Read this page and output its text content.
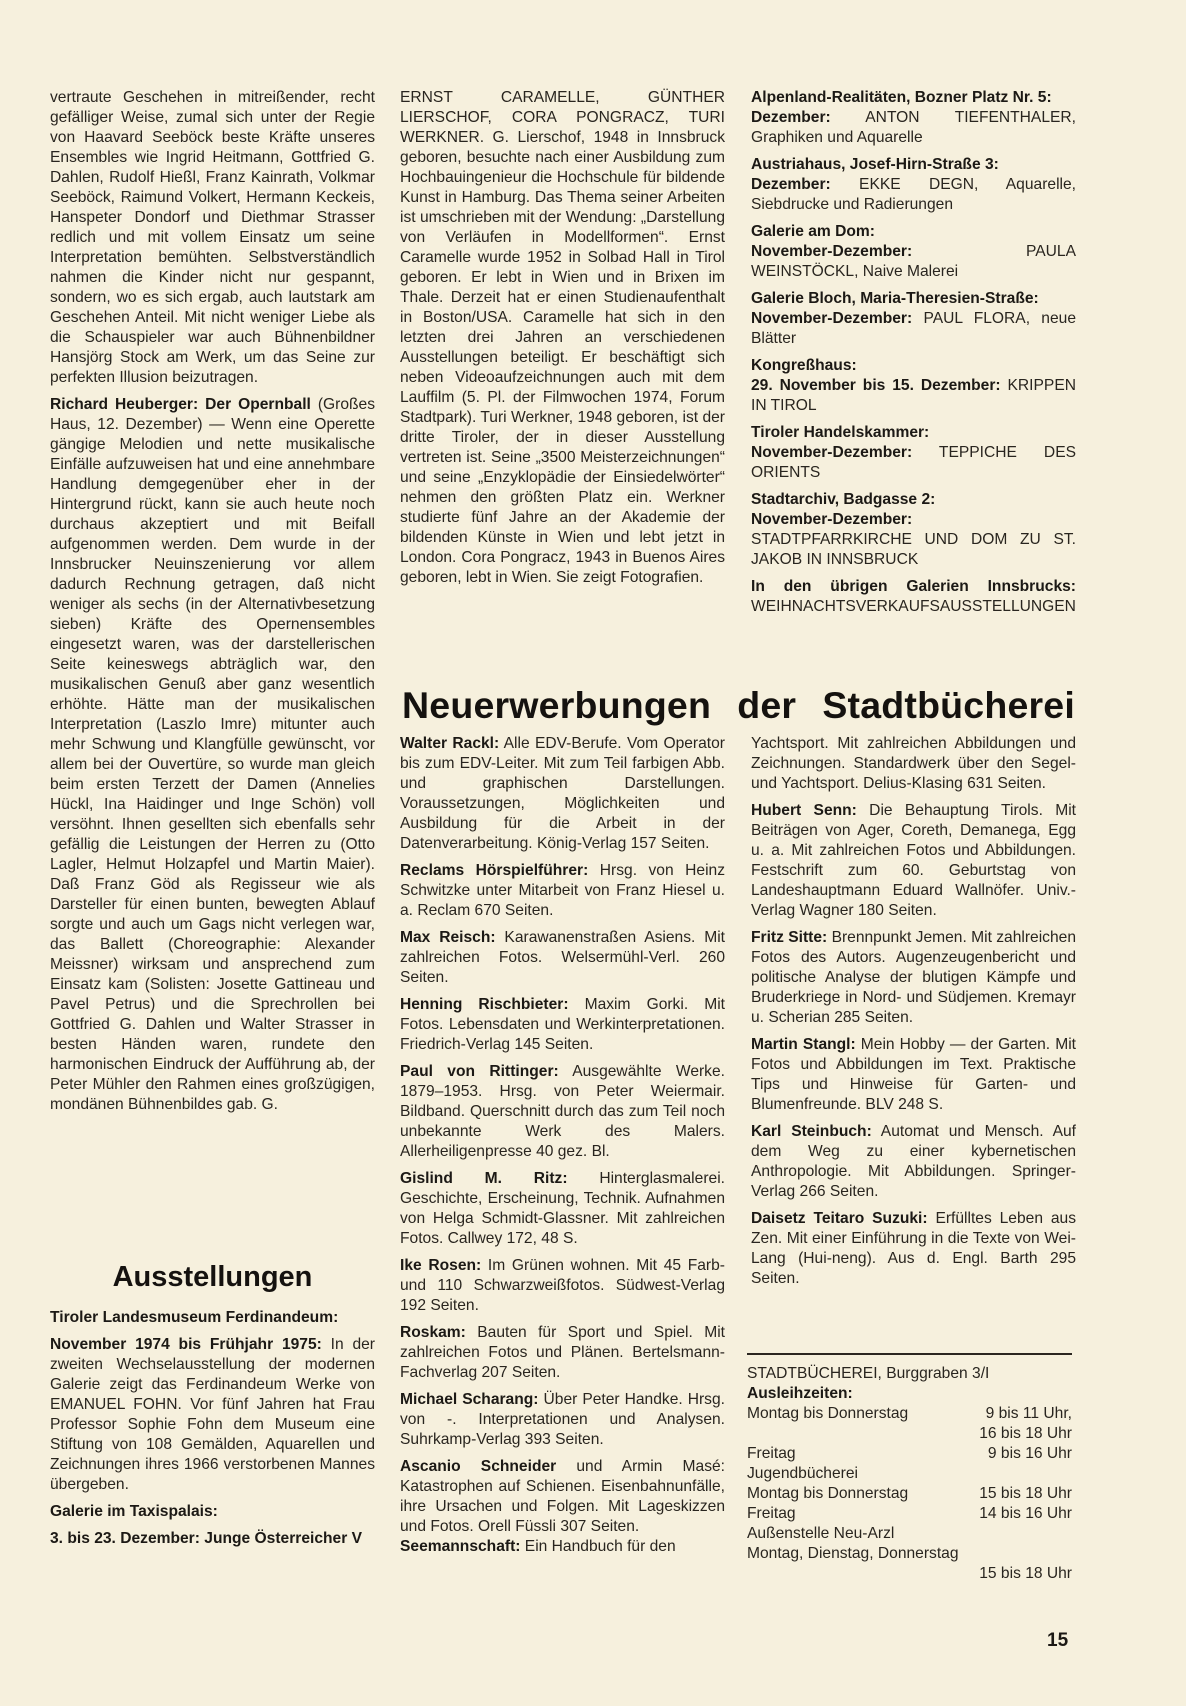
vertraute Geschehen in mitreißender, recht gefälliger Weise, zumal sich unter der Regie von Haavard Seeböck beste Kräfte unseres Ensembles wie Ingrid Heitmann, Gottfried G. Dahlen, Rudolf Hießl, Franz Kainrath, Volkmar Seeböck, Raimund Volkert, Hermann Keckeis, Hanspeter Dondorf und Diethmar Strasser redlich und mit vollem Einsatz um seine Interpretation bemühten. Selbstverständlich nahmen die Kinder nicht nur gespannt, sondern, wo es sich ergab, auch lautstark am Geschehen Anteil. Mit nicht weniger Liebe als die Schauspieler war auch Bühnenbildner Hansjörg Stock am Werk, um das Seine zur perfekten Illusion beizutragen.

Richard Heuberger: Der Opernball (Großes Haus, 12. Dezember) — Wenn eine Operette gängige Melodien und nette musikalische Einfälle aufzuweisen hat und eine annehmbare Handlung demgegenüber eher in der Hintergrund rückt, kann sie auch heute noch durchaus akzeptiert und mit Beifall aufgenommen werden. Dem wurde in der Innsbrucker Neuinszenierung vor allem dadurch Rechnung getragen, daß nicht weniger als sechs (in der Alternativbesetzung sieben) Kräfte des Opernensembles eingesetzt waren, was der darstellerischen Seite keineswegs abträglich war, den musikalischen Genuß aber ganz wesentlich erhöhte. Hätte man der musikalischen Interpretation (Laszlo Imre) mitunter auch mehr Schwung und Klangfülle gewünscht, vor allem bei der Ouvertüre, so wurde man gleich beim ersten Terzett der Damen (Annelies Hückl, Ina Haidinger und Inge Schön) voll versöhnt. Ihnen gesellten sich ebenfalls sehr gefällig die Leistungen der Herren zu (Otto Lagler, Helmut Holzapfel und Martin Maier). Daß Franz Göd als Regisseur wie als Darsteller für einen bunten, bewegten Ablauf sorgte und auch um Gags nicht verlegen war, das Ballett (Choreographie: Alexander Meissner) wirksam und ansprechend zum Einsatz kam (Solisten: Josette Gattineau und Pavel Petrus) und die Sprechrollen bei Gottfried G. Dahlen und Walter Strasser in besten Händen waren, rundete den harmonischen Eindruck der Aufführung ab, der Peter Mühler den Rahmen eines großzügigen, mondänen Bühnenbildes gab. G.

Ausstellungen

Tiroler Landesmuseum Ferdinandeum:

November 1974 bis Frühjahr 1975: In der zweiten Wechselausstellung der modernen Galerie zeigt das Ferdinandeum Werke von EMANUEL FOHN. Vor fünf Jahren hat Frau Professor Sophie Fohn dem Museum eine Stiftung von 108 Gemälden, Aquarellen und Zeichnungen ihres 1966 verstorbenen Mannes übergeben.

Galerie im Taxispalais:

3. bis 23. Dezember: Junge Österreicher V

ERNST CARAMELLE, GÜNTHER LIERSCHOF, CORA PONGRACZ, TURI WERKNER. G. Lierschof, 1948 in Innsbruck geboren, besuchte nach einer Ausbildung zum Hochbauingenieur die Hochschule für bildende Kunst in Hamburg. Das Thema seiner Arbeiten ist umschrieben mit der Wendung: „Darstellung von Verläufen in Modellformen“. Ernst Caramelle wurde 1952 in Solbad Hall in Tirol geboren. Er lebt in Wien und in Brixen im Thale. Derzeit hat er einen Studienaufenthalt in Boston/USA. Caramelle hat sich in den letzten drei Jahren an verschiedenen Ausstellungen beteiligt. Er beschäftigt sich neben Videoaufzeichnungen auch mit dem Lauffilm (5. Pl. der Filmwochen 1974, Forum Stadtpark). Turi Werkner, 1948 geboren, ist der dritte Tiroler, der in dieser Ausstellung vertreten ist. Seine „3500 Meisterzeichnungen“ und seine „Enzyklopädie der Einsiedelwörter“ nehmen den größten Platz ein. Werkner studierte fünf Jahre an der Akademie der bildenden Künste in Wien und lebt jetzt in London. Cora Pongracz, 1943 in Buenos Aires geboren, lebt in Wien. Sie zeigt Fotografien.

Alpenland-Realitäten, Bozner Platz Nr. 5:

Dezember: ANTON TIEFENTHALER, Graphiken und Aquarelle

Austriahaus, Josef-Hirn-Straße 3:

Dezember: EKKE DEGN, Aquarelle, Siebdrucke und Radierungen

Galerie am Dom:

November-Dezember: PAULA WEINSTÖCKL, Naive Malerei

Galerie Bloch, Maria-Theresien-Straße:

November-Dezember: PAUL FLORA, neue Blätter

Kongreßhaus:

29. November bis 15. Dezember: KRIPPEN IN TIROL

Tiroler Handelskammer:

November-Dezember: TEPPICHE DES ORIENTS

Stadtarchiv, Badgasse 2:

November-Dezember: STADTPFARRKIRCHE UND DOM ZU ST. JAKOB IN INNSBRUCK

In den übrigen Galerien Innsbrucks: WEIHNACHTSVERKAUFSAUSSTELLUNGEN

Neuerwerbungen der Stadtbücherei

Walter Rackl: Alle EDV-Berufe. Vom Operator bis zum EDV-Leiter. Mit zum Teil farbigen Abb. und graphischen Darstellungen. Voraussetzungen, Möglichkeiten und Ausbildung für die Arbeit in der Datenverarbeitung. König-Verlag 157 Seiten.

Reclams Hörspielführer: Hrsg. von Heinz Schwitzke unter Mitarbeit von Franz Hiesel u. a. Reclam 670 Seiten.

Max Reisch: Karawanenstraßen Asiens. Mit zahlreichen Fotos. Welsermühl-Verl. 260 Seiten.

Henning Rischbieter: Maxim Gorki. Mit Fotos. Lebensdaten und Werkinterpretationen. Friedrich-Verlag 145 Seiten.

Paul von Rittinger: Ausgewählte Werke. 1879–1953. Hrsg. von Peter Weiermair. Bildband. Querschnitt durch das zum Teil noch unbekannte Werk des Malers. Allerheiligenpresse 40 gez. Bl.

Gislind M. Ritz: Hinterglasmalerei. Geschichte, Erscheinung, Technik. Aufnahmen von Helga Schmidt-Glassner. Mit zahlreichen Fotos. Callwey 172, 48 S.

Ike Rosen: Im Grünen wohnen. Mit 45 Farb- und 110 Schwarzweißfotos. Südwest-Verlag 192 Seiten.

Roskam: Bauten für Sport und Spiel. Mit zahlreichen Fotos und Plänen. Bertelsmann-Fachverlag 207 Seiten.

Michael Scharang: Über Peter Handke. Hrsg. von -. Interpretationen und Analysen. Suhrkamp-Verlag 393 Seiten.

Ascanio Schneider und Armin Masé: Katastrophen auf Schienen. Eisenbahnunfälle, ihre Ursachen und Folgen. Mit Lageskizzen und Fotos. Orell Füssli 307 Seiten.

Seemannschaft: Ein Handbuch für den

Yachtsport. Mit zahlreichen Abbildungen und Zeichnungen. Standardwerk über den Segel- und Yachtsport. Delius-Klasing 631 Seiten.

Hubert Senn: Die Behauptung Tirols. Mit Beiträgen von Ager, Coreth, Demanega, Egg u. a. Mit zahlreichen Fotos und Abbildungen. Festschrift zum 60. Geburtstag von Landeshauptmann Eduard Wallnöfer. Univ.-Verlag Wagner 180 Seiten.

Fritz Sitte: Brennpunkt Jemen. Mit zahlreichen Fotos des Autors. Augenzeugenbericht und politische Analyse der blutigen Kämpfe und Bruderkriege in Nord- und Südjemen. Kremayr u. Scherian 285 Seiten.

Martin Stangl: Mein Hobby — der Garten. Mit Fotos und Abbildungen im Text. Praktische Tips und Hinweise für Garten- und Blumenfreunde. BLV 248 S.

Karl Steinbuch: Automat und Mensch. Auf dem Weg zu einer kybernetischen Anthropologie. Mit Abbildungen. Springer-Verlag 266 Seiten.

Daisetz Teitaro Suzuki: Erfülltes Leben aus Zen. Mit einer Einführung in die Texte von Wei-Lang (Hui-neng). Aus d. Engl. Barth 295 Seiten.

STADTBÜCHEREI, Burggraben 3/I
Ausleihzeiten:
Montag bis Donnerstag	9 bis 11 Uhr,
16 bis 18 Uhr
Freitag	9 bis 16 Uhr
Jugendbücherei
Montag bis Donnerstag	15 bis 18 Uhr
Freitag	14 bis 16 Uhr
Außenstelle Neu-Arzl
Montag, Dienstag, Donnerstag
15 bis 18 Uhr
15
